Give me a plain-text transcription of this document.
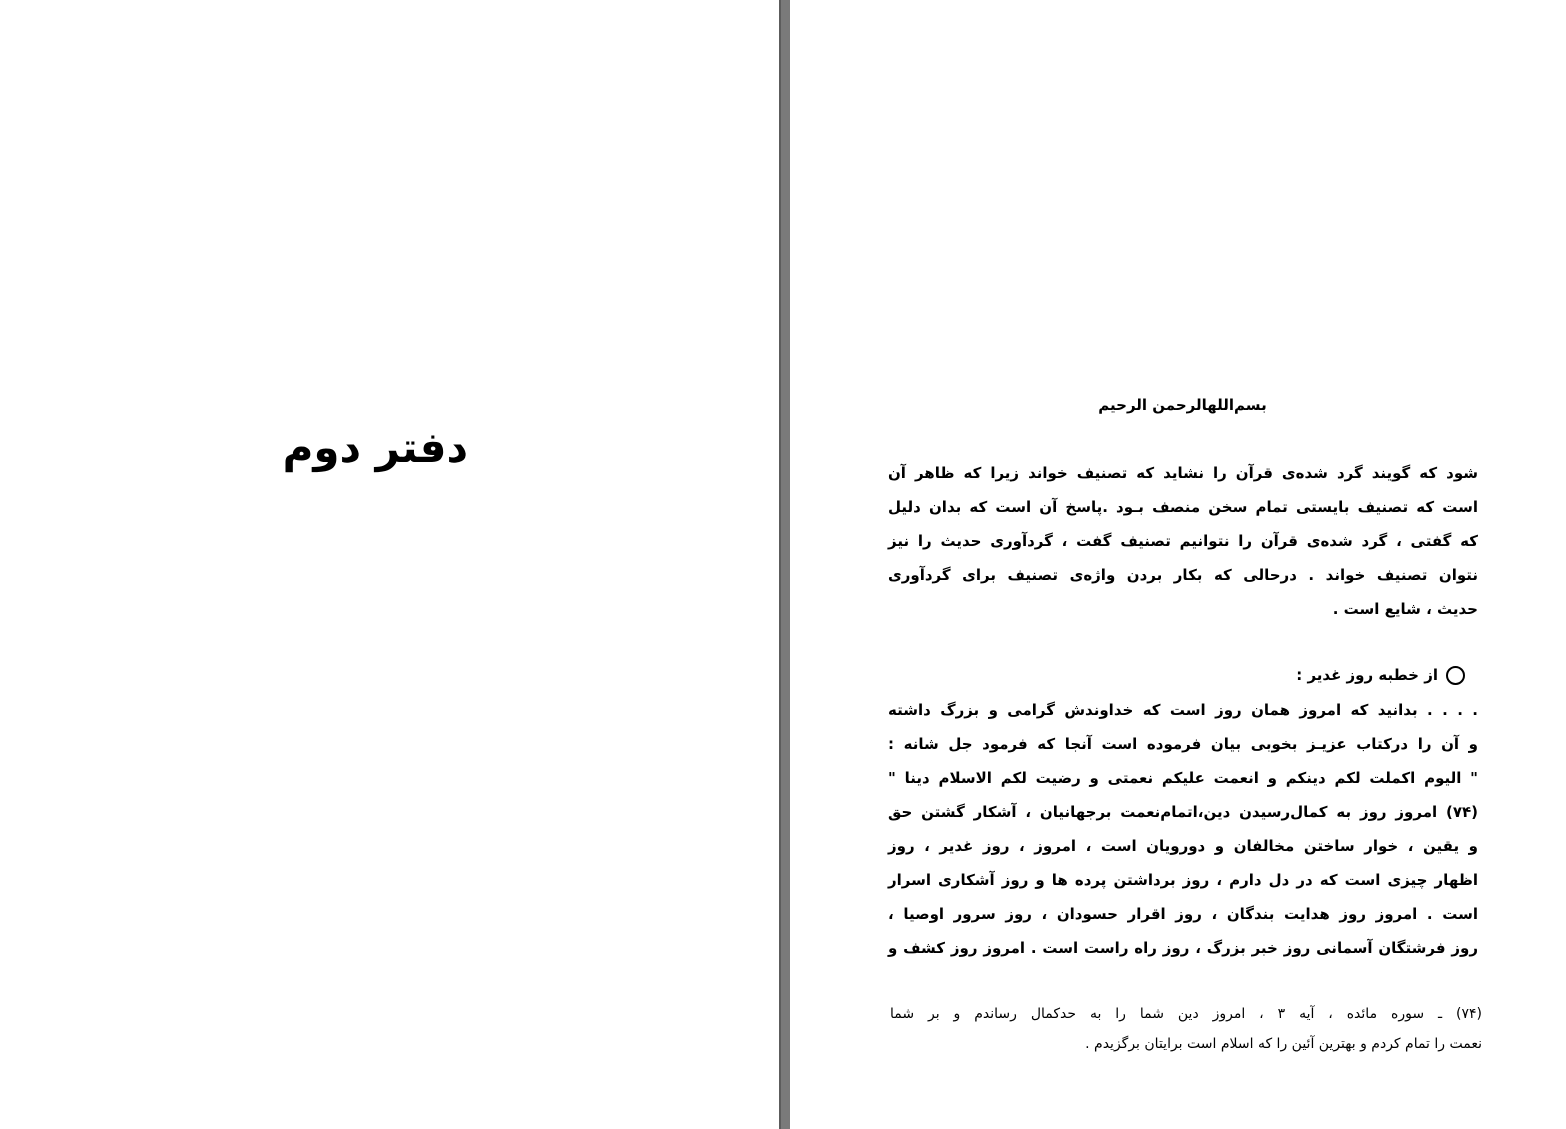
دفتر دوم
بسم‌اللهالرحمن الرحیم
شود که گویند گرد شده‌ی قرآن را نشاید که تصنیف خواند زیرا که ظاهر آن
است که تصنیف بایستی تمام سخن منصف بـود .پاسخ آن است که بدان دلیل
که گفتی ، گرد شده‌ی قرآن را نتوانیم تصنیف گفت ، گردآوری حدیث را نیز
نتوان تصنیف خواند . درحالی که بکار بردن واژه‌ی تصنیف برای گردآوری
حدیث ، شایع است .
از خطبه روز غدیر :
. . . . بدانید که امروز همان روز است که خداوندش گرامی و بزرگ داشته
و آن را درکتاب عزیـز بخوبی بیان فرموده است آنجا که فرمود جل شانه :
" الیوم اکملت لکم دینکم و انعمت علیکم نعمتی و رضیت لکم الاسلام دینا "
(۷۴) امروز روز به کمال‌رسیدن دین،اتمام‌نعمت برجهانیان ، آشکار گشتن حق
و یقین ، خوار ساختن مخالفان و دورویان است ، امروز ، روز غدیر ، روز
اظهار چیزی است که در دل دارم ، روز برداشتن پرده ها و روز آشکاری اسرار
است . امروز روز هدایت بندگان ، روز اقرار حسودان ، روز سرور اوصیا ،
روز فرشتگان آسمانی روز خبر بزرگ ، روز راه راست است . امروز روز کشف و
(۷۴) ـ سوره مائده ، آیه ۳ ، امروز دین شما را به حدکمال رساندم و بر شما
نعمت را تمام کردم و بهترین آئین را که اسلام است برایتان برگزیدم .
